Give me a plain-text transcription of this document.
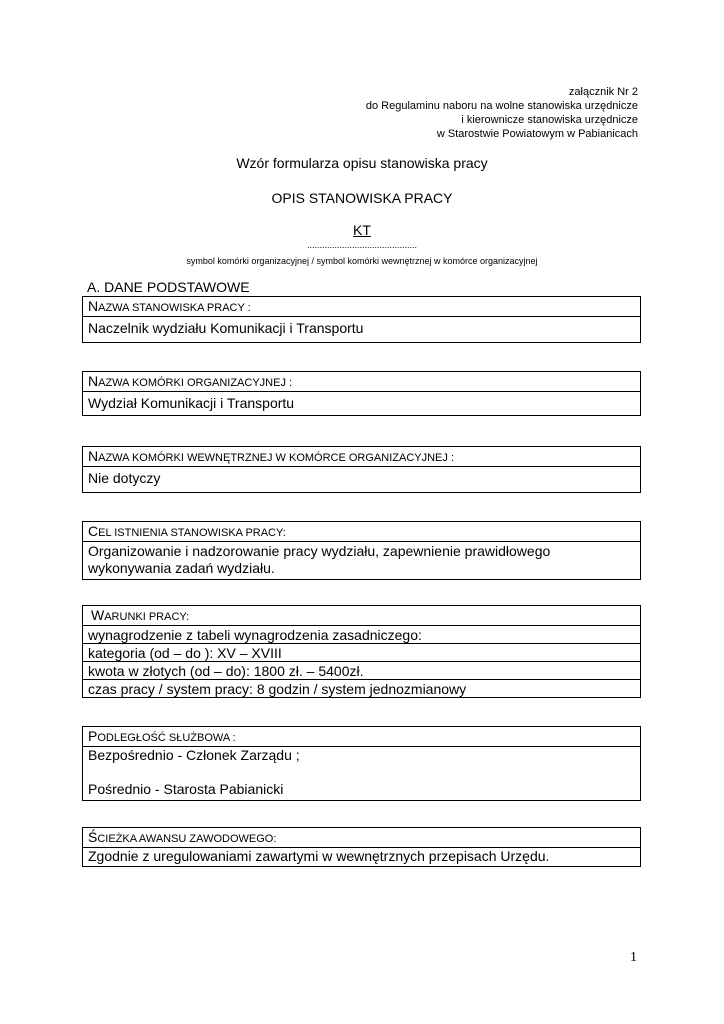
załącznik Nr 2
do Regulaminu naboru na wolne stanowiska urzędnicze
i kierownicze stanowiska urzędnicze
w Starostwie Powiatowym w Pabianicach
Wzór formularza opisu stanowiska pracy
OPIS STANOWISKA PRACY
KT
............................................
symbol komórki organizacyjnej / symbol komórki wewnętrznej w komórce organizacyjnej
A. DANE PODSTAWOWE
NAZWA STANOWISKA PRACY :
Naczelnik wydziału Komunikacji i Transportu
NAZWA KOMÓRKI ORGANIZACYJNEJ :
Wydział Komunikacji i Transportu
NAZWA KOMÓRKI WEWNĘTRZNEJ W KOMÓRCE ORGANIZACYJNEJ :
Nie dotyczy
CEL ISTNIENIA STANOWISKA PRACY:
Organizowanie i nadzorowanie pracy wydziału, zapewnienie prawidłowego wykonywania zadań wydziału.
WARUNKI PRACY:
wynagrodzenie z tabeli wynagrodzenia zasadniczego:
kategoria (od – do ): XV – XVIII
kwota w złotych (od – do): 1800 zł. – 5400zł.
czas pracy / system pracy: 8 godzin / system jednozmianowy
PODLEGŁOŚĆ SŁUŻBOWA :
Bezpośrednio - Członek Zarządu ;
Pośrednio - Starosta Pabianicki
ŚCIEŻKA AWANSU ZAWODOWEGO:
Zgodnie z uregulowaniami zawartymi w wewnętrznych przepisach Urzędu.
1
